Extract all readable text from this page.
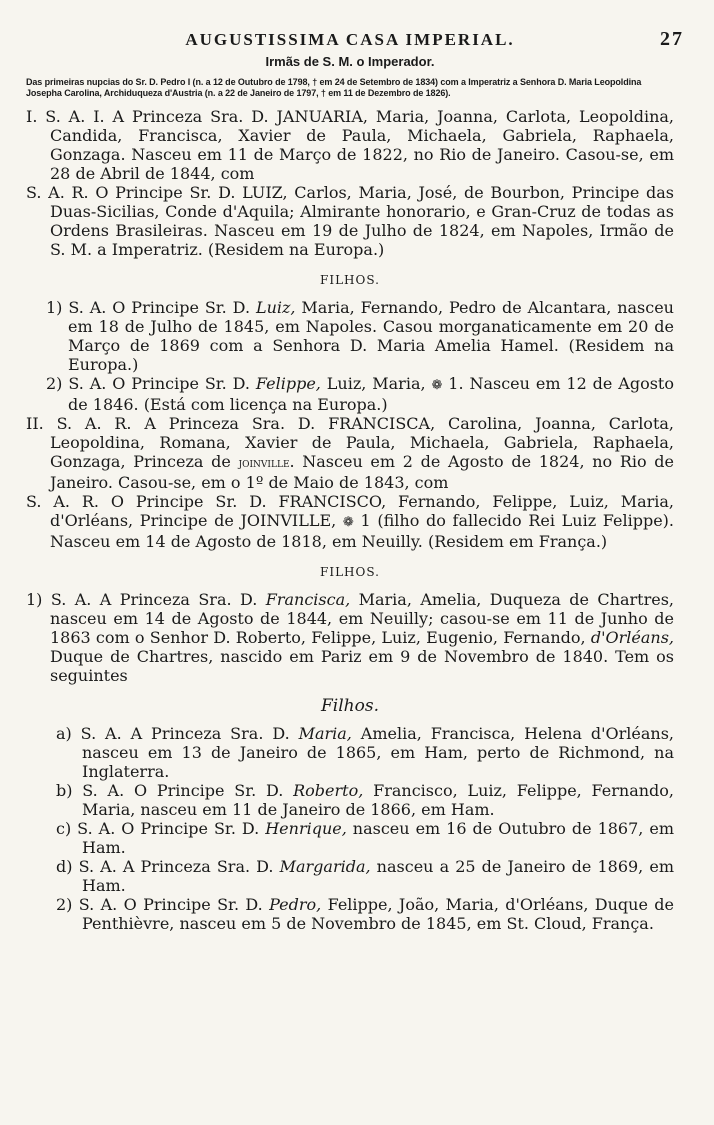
AUGUSTISSIMA CASA IMPERIAL.	27
Irmãs de S. M. o Imperador.
Das primeiras nupcias do Sr. D. Pedro I (n. a 12 de Outubro de 1798, † em 24 de Setembro de 1834) com a Imperatriz a Senhora D. Maria Leopoldina Josepha Carolina, Archiduqueza d'Austria (n. a 22 de Janeiro de 1797, † em 11 de Dezembro de 1826).

I. S. A. I. A Princeza Sra. D. JANUARIA, Maria, Joanna, Carlota, Leopoldina, Candida, Francisca, Xavier de Paula, Michaela, Gabriela, Raphaela, Gonzaga. Nasceu em 11 de Março de 1822, no Rio de Janeiro. Casou-se, em 28 de Abril de 1844, com

S. A. R. O Principe Sr. D. LUIZ, Carlos, Maria, José, de Bourbon, Principe das Duas-Sicilias, Conde d'Aquila; Almirante honorario, e Gran-Cruz de todas as Ordens Brasileiras. Nasceu em 19 de Julho de 1824, em Napoles, Irmão de S. M. a Imperatriz. (Residem na Europa.)

FILHOS.

1) S. A. O Principe Sr. D. Luiz, Maria, Fernando, Pedro de Alcantara, nasceu em 18 de Julho de 1845, em Napoles. Casou morganaticamente em 20 de Março de 1869 com a Senhora D. Maria Amelia Hamel. (Residem na Europa.)

2) S. A. O Principe Sr. D. Felippe, Luiz, Maria, ❁ 1. Nasceu em 12 de Agosto de 1846. (Está com licença na Europa.)

II. S. A. R. A Princeza Sra. D. FRANCISCA, Carolina, Joanna, Carlota, Leopoldina, Romana, Xavier de Paula, Michaela, Gabriela, Raphaela, Gonzaga, Princeza de joinville. Nasceu em 2 de Agosto de 1824, no Rio de Janeiro. Casou-se, em o 1º de Maio de 1843, com

S. A. R. O Principe Sr. D. FRANCISCO, Fernando, Felippe, Luiz, Maria, d'Orléans, Principe de JOINVILLE, ❁ 1 (filho do fallecido Rei Luiz Felippe). Nasceu em 14 de Agosto de 1818, em Neuilly. (Residem em França.)

FILHOS.

1) S. A. A Princeza Sra. D. Francisca, Maria, Amelia, Duqueza de Chartres, nasceu em 14 de Agosto de 1844, em Neuilly; casou-se em 11 de Junho de 1863 com o Senhor D. Roberto, Felippe, Luiz, Eugenio, Fernando, d'Orléans, Duque de Chartres, nascido em Pariz em 9 de Novembro de 1840. Tem os seguintes

Filhos.

a) S. A. A Princeza Sra. D. Maria, Amelia, Francisca, Helena d'Orléans, nasceu em 13 de Janeiro de 1865, em Ham, perto de Richmond, na Inglaterra.

b) S. A. O Principe Sr. D. Roberto, Francisco, Luiz, Felippe, Fernando, Maria, nasceu em 11 de Janeiro de 1866, em Ham.

c) S. A. O Principe Sr. D. Henrique, nasceu em 16 de Outubro de 1867, em Ham.

d) S. A. A Princeza Sra. D. Margarida, nasceu a 25 de Janeiro de 1869, em Ham.

2) S. A. O Principe Sr. D. Pedro, Felippe, João, Maria, d'Orléans, Duque de Penthièvre, nasceu em 5 de Novembro de 1845, em St. Cloud, França.
